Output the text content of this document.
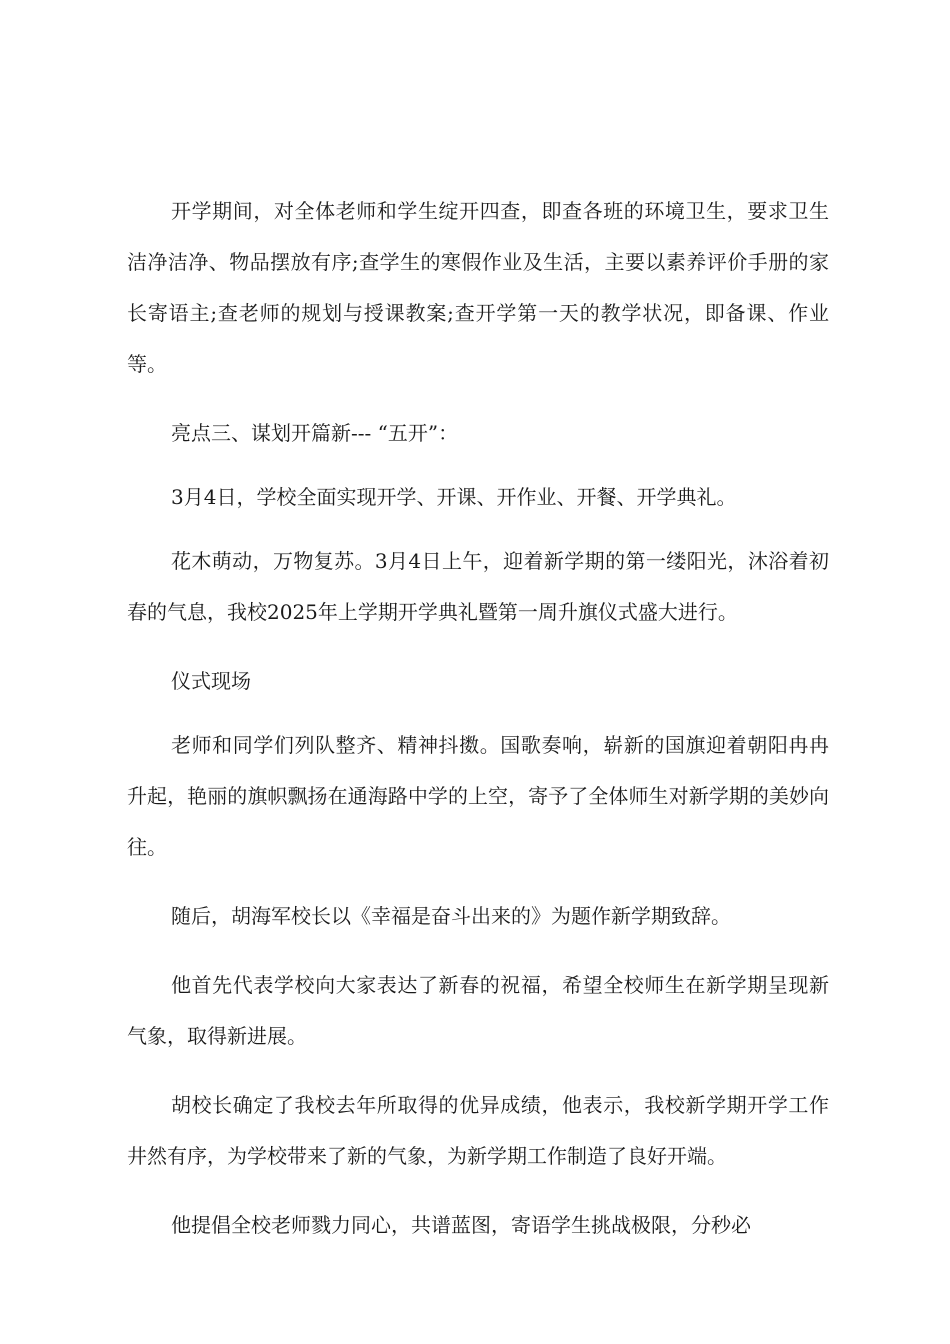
开学期间，对全体老师和学生绽开四查，即查各班的环境卫生，要求卫生洁净洁净、物品摆放有序;查学生的寒假作业及生活，主要以素养评价手册的家长寄语主;查老师的规划与授课教案;查开学第一天的教学状况，即备课、作业等。

亮点三、谋划开篇新--- “五开”：

3月4日，学校全面实现开学、开课、开作业、开餐、开学典礼。

花木萌动，万物复苏。3月4日上午，迎着新学期的第一缕阳光，沐浴着初春的气息，我校2025年上学期开学典礼暨第一周升旗仪式盛大进行。

仪式现场

老师和同学们列队整齐、精神抖擞。国歌奏响，崭新的国旗迎着朝阳冉冉升起，艳丽的旗帜飘扬在通海路中学的上空，寄予了全体师生对新学期的美妙向往。

随后，胡海军校长以《幸福是奋斗出来的》为题作新学期致辞。

他首先代表学校向大家表达了新春的祝福，希望全校师生在新学期呈现新气象，取得新进展。

胡校长确定了我校去年所取得的优异成绩，他表示，我校新学期开学工作井然有序，为学校带来了新的气象，为新学期工作制造了良好开端。

他提倡全校老师戮力同心，共谱蓝图，寄语学生挑战极限，分秒必
